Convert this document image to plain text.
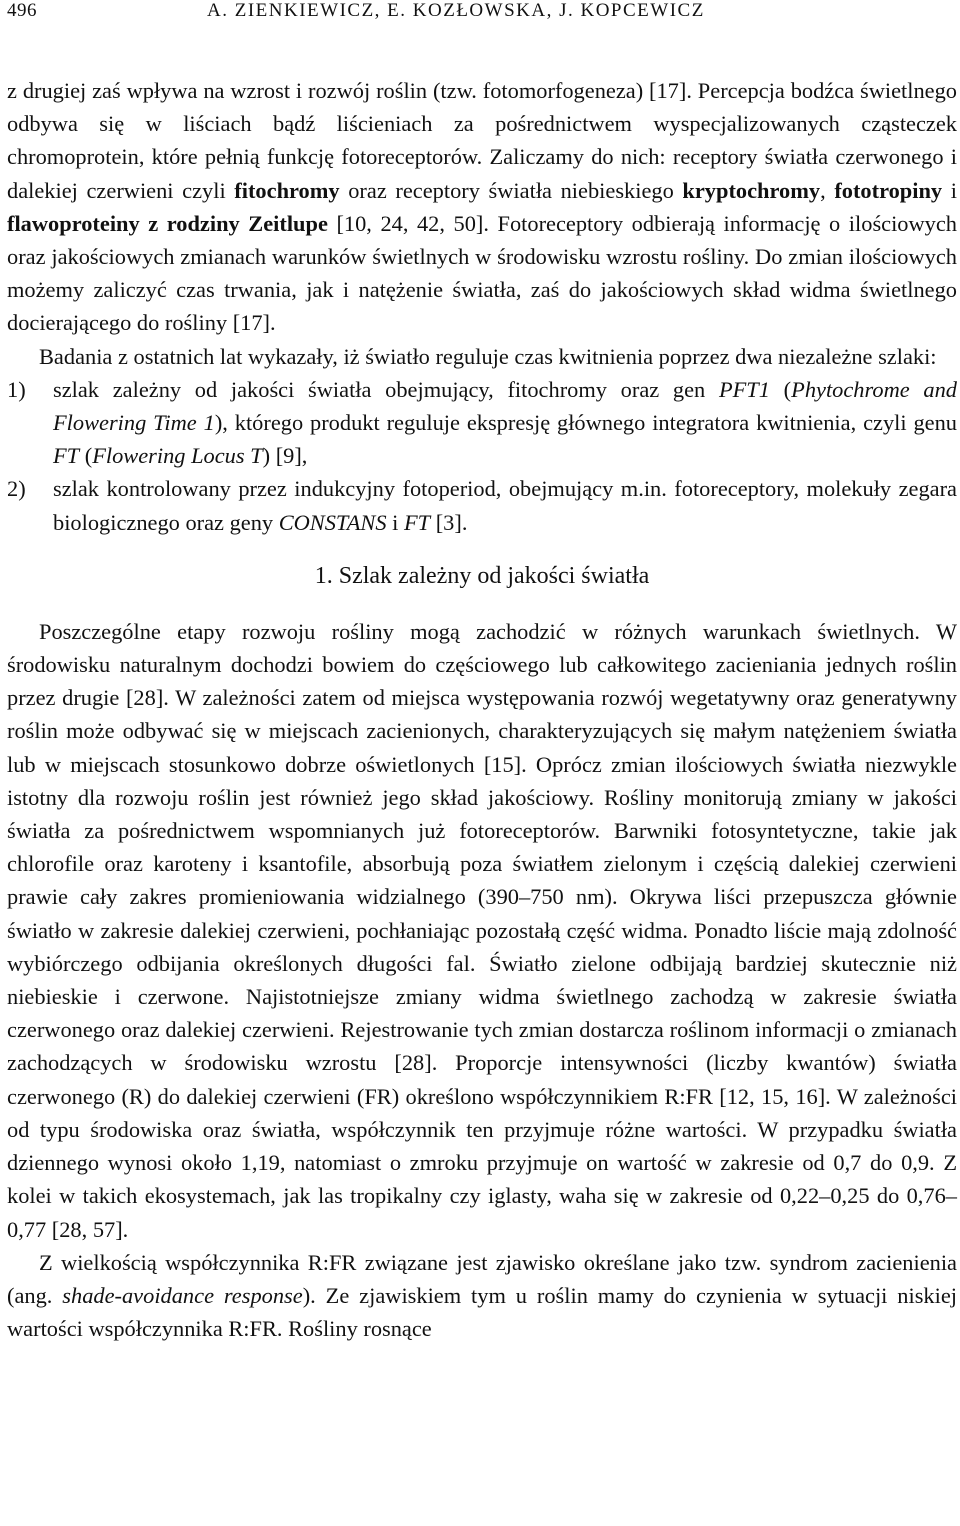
496	A. ZIENKIEWICZ, E. KOZŁOWSKA, J. KOPCEWICZ

z drugiej zaś wpływa na wzrost i rozwój roślin (tzw. fotomorfogeneza) [17]. Percepcja bodźca świetlnego odbywa się w liściach bądź liścieniach za pośrednictwem wyspecjalizowanych cząsteczek chromoprotein, które pełnią funkcję fotoreceptorów. Zaliczamy do nich: receptory światła czerwonego i dalekiej czerwieni czyli fitochromy oraz receptory światła niebieskiego kryptochromy, fototropiny i flawoproteiny z rodziny Zeitlupe [10, 24, 42, 50]. Fotoreceptory odbierają informację o ilościowych oraz jakościowych zmianach warunków świetlnych w środowisku wzrostu rośliny. Do zmian ilościowych możemy zaliczyć czas trwania, jak i natężenie światła, zaś do jakościowych skład widma świetlnego docierającego do rośliny [17].

Badania z ostatnich lat wykazały, iż światło reguluje czas kwitnienia poprzez dwa niezależne szlaki:

1) szlak zależny od jakości światła obejmujący, fitochromy oraz gen PFT1 (Phytochrome and Flowering Time 1), którego produkt reguluje ekspresję głównego integratora kwitnienia, czyli genu FT (Flowering Locus T) [9],
2) szlak kontrolowany przez indukcyjny fotoperiod, obejmujący m.in. fotoreceptory, molekuły zegara biologicznego oraz geny CONSTANS i FT [3].
1. Szlak zależny od jakości światła

Poszczególne etapy rozwoju rośliny mogą zachodzić w różnych warunkach świetlnych. W środowisku naturalnym dochodzi bowiem do częściowego lub całkowitego zacieniania jednych roślin przez drugie [28]. W zależności zatem od miejsca występowania rozwój wegetatywny oraz generatywny roślin może odbywać się w miejscach zacienionych, charakteryzujących się małym natężeniem światła lub w miejscach stosunkowo dobrze oświetlonych [15]. Oprócz zmian ilościowych światła niezwykle istotny dla rozwoju roślin jest również jego skład jakościowy. Rośliny monitorują zmiany w jakości światła za pośrednictwem wspomnianych już fotoreceptorów. Barwniki fotosyntetyczne, takie jak chlorofile oraz karoteny i ksantofile, absorbują poza światłem zielonym i częścią dalekiej czerwieni prawie cały zakres promieniowania widzialnego (390–750 nm). Okrywa liści przepuszcza głównie światło w zakresie dalekiej czerwieni, pochłaniając pozostałą część widma. Ponadto liście mają zdolność wybiórczego odbijania określonych długości fal. Światło zielone odbijają bardziej skutecznie niż niebieskie i czerwone. Najistotniejsze zmiany widma świetlnego zachodzą w zakresie światła czerwonego oraz dalekiej czerwieni. Rejestrowanie tych zmian dostarcza roślinom informacji o zmianach zachodzących w środowisku wzrostu [28]. Proporcje intensywności (liczby kwantów) światła czerwonego (R) do dalekiej czerwieni (FR) określono współczynnikiem R:FR [12, 15, 16]. W zależności od typu środowiska oraz światła, współczynnik ten przyjmuje różne wartości. W przypadku światła dziennego wynosi około 1,19, natomiast o zmroku przyjmuje on wartość w zakresie od 0,7 do 0,9. Z kolei w takich ekosystemach, jak las tropikalny czy iglasty, waha się w zakresie od 0,22–0,25 do 0,76–0,77 [28, 57].

Z wielkością współczynnika R:FR związane jest zjawisko określane jako tzw. syndrom zacienienia (ang. shade-avoidance response). Ze zjawiskiem tym u roślin mamy do czynienia w sytuacji niskiej wartości współczynnika R:FR. Rośliny rosnące
